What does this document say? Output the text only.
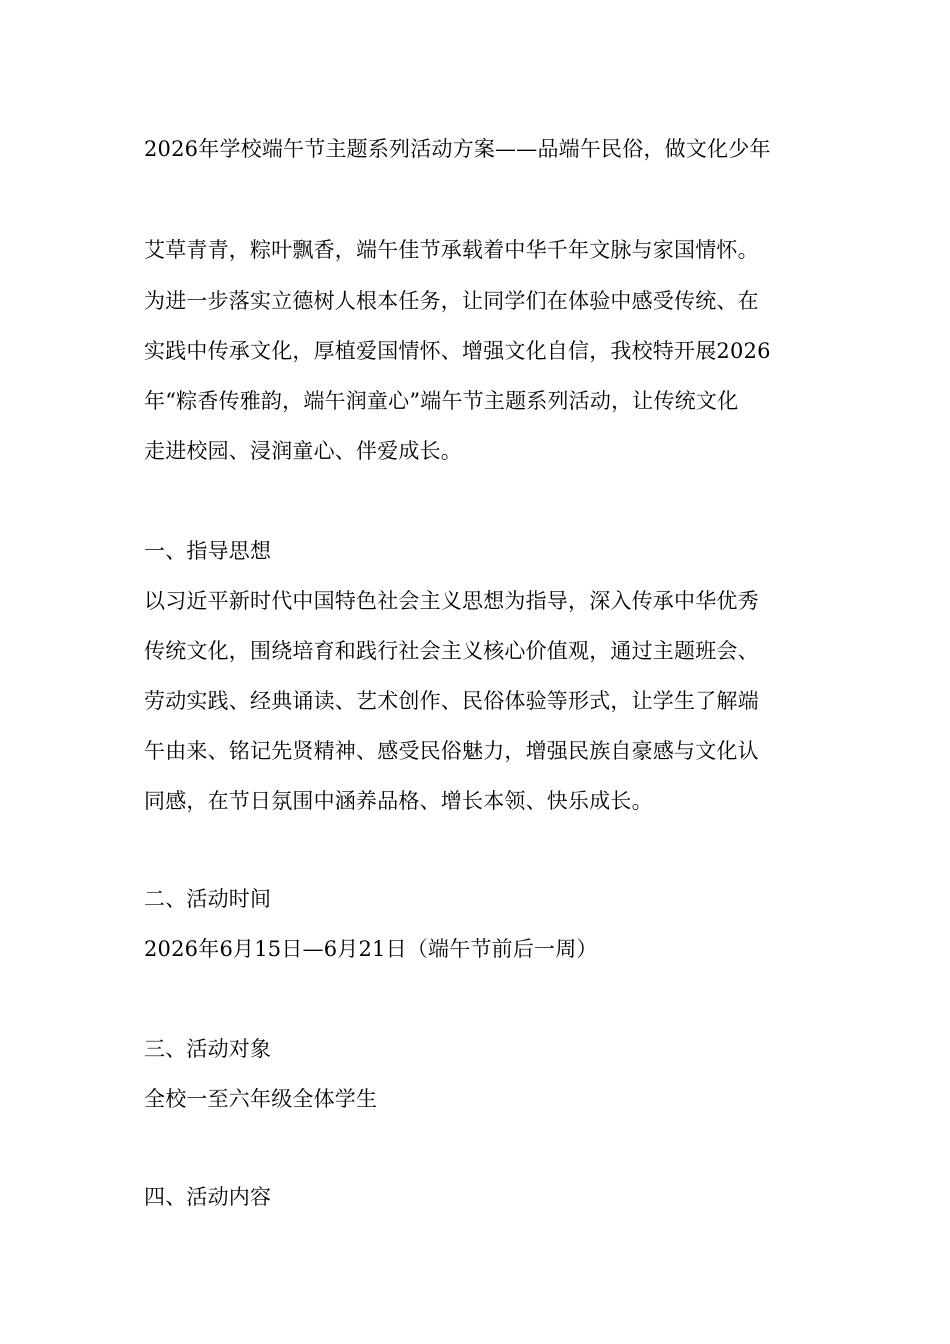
2026年学校端午节主题系列活动方案——品端午民俗，做文化少年
艾草青青，粽叶飘香，端午佳节承载着中华千年文脉与家国情怀。
为进一步落实立德树人根本任务，让同学们在体验中感受传统、在
实践中传承文化，厚植爱国情怀、增强文化自信，我校特开展2026
年“粽香传雅韵，端午润童心”端午节主题系列活动，让传统文化
走进校园、浸润童心、伴爱成长。
一、指导思想
以习近平新时代中国特色社会主义思想为指导，深入传承中华优秀
传统文化，围绕培育和践行社会主义核心价值观，通过主题班会、
劳动实践、经典诵读、艺术创作、民俗体验等形式，让学生了解端
午由来、铭记先贤精神、感受民俗魅力，增强民族自豪感与文化认
同感，在节日氛围中涵养品格、增长本领、快乐成长。
二、活动时间
2026年6月15日—6月21日（端午节前后一周）
三、活动对象
全校一至六年级全体学生
四、活动内容
